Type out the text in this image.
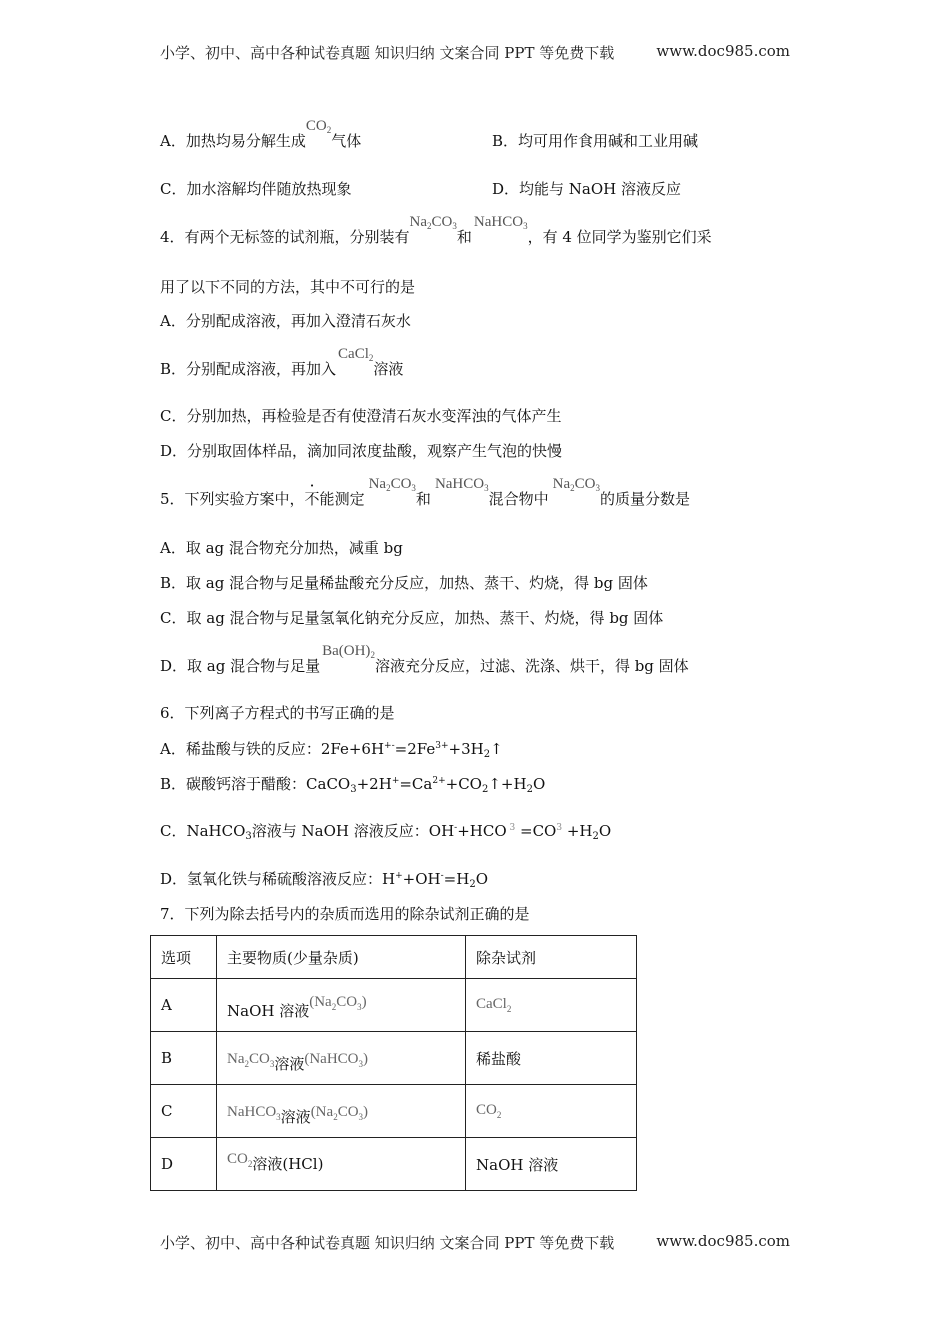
小学、初中、高中各种试卷真题 知识归纳 文案合同 PPT 等免费下载	www.doc985.com
A．加热均易分解生成$CO_2$气体	B．均可用作食用碱和工业用碱
C．加水溶解均伴随放热现象	D．均能与 NaOH 溶液反应
4．有两个无标签的试剂瓶，分别装有$Na_2CO_3$和NaHCO$_3$，有 4 位同学为鉴别它们采
用了以下不同的方法，其中不可行的是
A．分别配成溶液，再加入澄清石灰水
B．分别配成溶液，再加入CaCl$_2$溶液
C．分别加热，再检验是否有使澄清石灰水变浑浊的气体产生
D．分别取固体样品，滴加同浓度盐酸，观察产生气泡的快慢
5．下列实验方案中，不能测定$Na_2CO_3$和NaHCO$_3$混合物中$Na_2CO_3$的质量分数是
A．取 ag 混合物充分加热，减重 bg
B．取 ag 混合物与足量稀盐酸充分反应，加热、蒸干、灼烧，得 bg 固体
C．取 ag 混合物与足量氢氧化钠充分反应，加热、蒸干、灼烧，得 bg 固体
D．取 ag 混合物与足量$Ba(OH)_2$溶液充分反应，过滤、洗涤、烘干，得 bg 固体
6．下列离子方程式的书写正确的是
A．稀盐酸与铁的反应：$2Fe+6H^{+-}=2Fe^{3+}+3H_2↑$
B．碳酸钙溶于醋酸：$CaCO_3+2H^+=Ca^{2+}+CO_2↑+H_2O$
C．NaHCO$_3$溶液与 NaOH 溶液反应：OH-+HCO $^3 =CO^3 +H_2O$
D．氢氧化铁与稀硫酸溶液反应：$H^++OH^-=H_2O$
7．下列为除去括号内的杂质而选用的除杂试剂正确的是
选项	主要物质(少量杂质)	除杂试剂
A	NaOH 溶液$(Na_2CO_3)$	CaCl$_2$
B	$Na_2CO_3$溶液(NaHCO$_3$)	稀盐酸
C	NaHCO$_3$溶液$(Na_2CO_3)$	$CO_2$
D	$CO_2$溶液(HCl)	NaOH 溶液
小学、初中、高中各种试卷真题 知识归纳 文案合同 PPT 等免费下载	www.doc985.com
